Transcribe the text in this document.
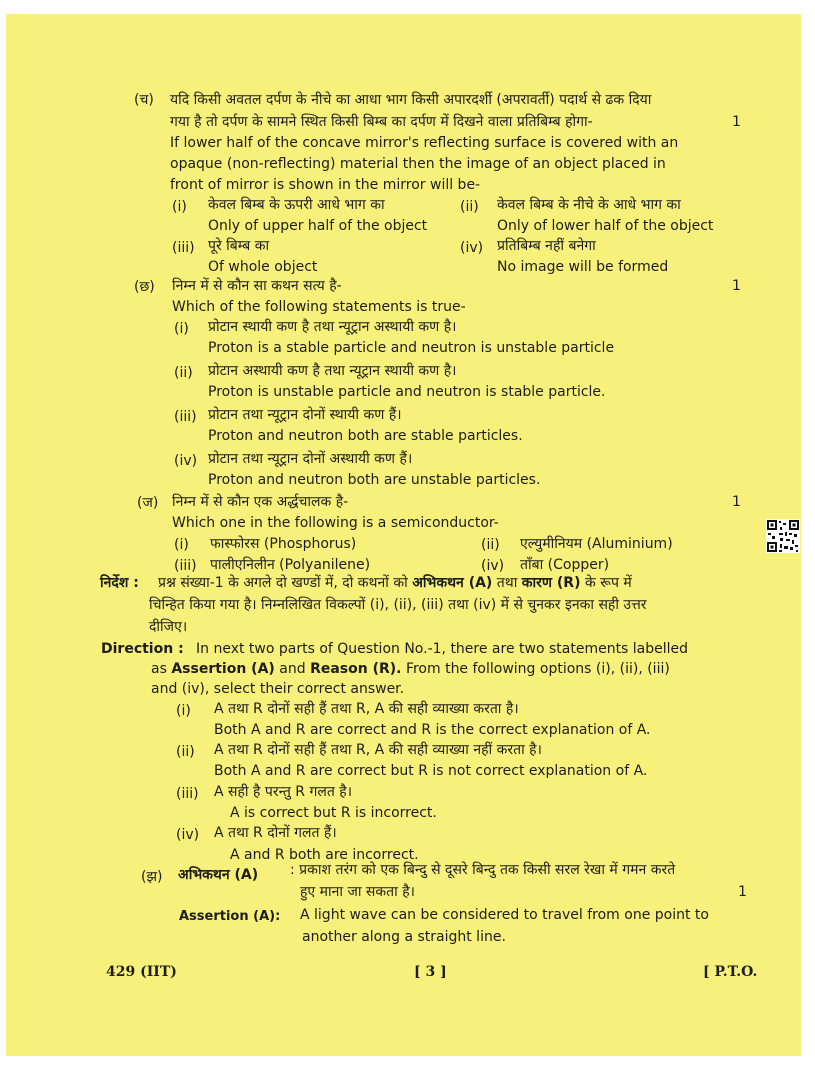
(च) यदि किसी अवतल दर्पण के नीचे का आधा भाग किसी अपारदर्शी (अपरावर्ती) पदार्थ से ढक दिया
गया है तो दर्पण के सामने स्थित किसी बिम्ब का दर्पण में दिखने वाला प्रतिबिम्ब होगा-	1
If lower half of the concave mirror's reflecting surface is covered with an
opaque (non-reflecting) material then the image of an object placed in
front of mirror is shown in the mirror will be-
(i) केवल बिम्ब के ऊपरी आधे भाग का
Only of upper half of the object
(ii) केवल बिम्ब के नीचे के आधे भाग का
Only of lower half of the object
(iii) पूरे बिम्ब का
Of whole object
(iv) प्रतिबिम्ब नहीं बनेगा
No image will be formed
(छ) निम्न में से कौन सा कथन सत्य है-	1
Which of the following statements is true-
(i) प्रोटान स्थायी कण है तथा न्यूट्रान अस्थायी कण है।
Proton is a stable particle and neutron is unstable particle
(ii) प्रोटान अस्थायी कण है तथा न्यूट्रान स्थायी कण है।
Proton is unstable particle and neutron is stable particle.
(iii) प्रोटान तथा न्यूट्रान दोनों स्थायी कण हैं।
Proton and neutron both are stable particles.
(iv) प्रोटान तथा न्यूट्रान दोनों अस्थायी कण हैं।
Proton and neutron both are unstable particles.
(ज) निम्न में से कौन एक अर्द्धचालक है-	1
Which one in the following is a semiconductor-
(i) फास्फोरस (Phosphorus)	(ii) एल्युमीनियम (Aluminium)
(iii) पालीएनिलीन (Polyanilene)	(iv) ताँबा (Copper)
निर्देश : प्रश्न संख्या-1 के अगले दो खण्डों में, दो कथनों को अभिकथन (A) तथा कारण (R) के रूप में
चिन्हित किया गया है। निम्नलिखित विकल्पों (i), (ii), (iii) तथा (iv) में से चुनकर इनका सही उत्तर
दीजिए।
Direction : In next two parts of Question No.-1, there are two statements labelled
as Assertion (A) and Reason (R). From the following options (i), (ii), (iii)
and (iv), select their correct answer.
(i) A तथा R दोनों सही हैं तथा R, A की सही व्याख्या करता है।
Both A and R are correct and R is the correct explanation of A.
(ii) A तथा R दोनों सही हैं तथा R, A की सही व्याख्या नहीं करता है।
Both A and R are correct but R is not correct explanation of A.
(iii) A सही है परन्तु R गलत है।
A is correct but R is incorrect.
(iv) A तथा R दोनों गलत हैं।
A and R both are incorrect.
(झ) अभिकथन (A) : प्रकाश तरंग को एक बिन्दु से दूसरे बिन्दु तक किसी सरल रेखा में गमन करते
हुए माना जा सकता है।	1
Assertion (A): A light wave can be considered to travel from one point to
another along a straight line.
429 (IIT)	[ 3 ]	[ P.T.O.
